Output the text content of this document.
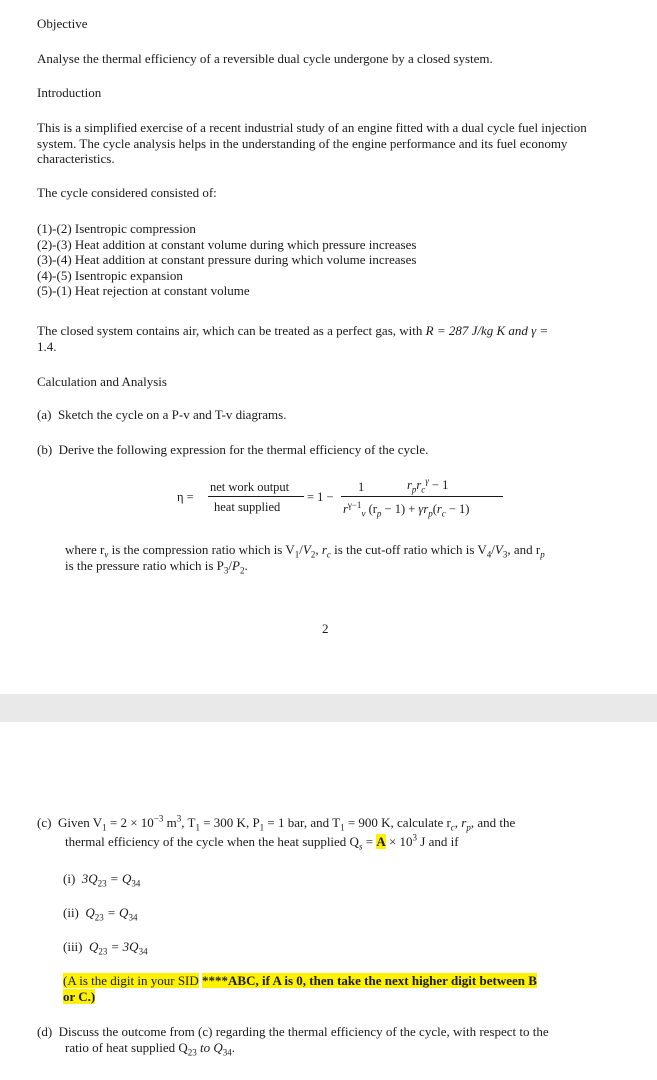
Objective
Analyse the thermal efficiency of a reversible dual cycle undergone by a closed system.
Introduction
This is a simplified exercise of a recent industrial study of an engine fitted with a dual cycle fuel injection system. The cycle analysis helps in the understanding of the engine performance and its fuel economy characteristics.
The cycle considered consisted of:
(1)-(2) Isentropic compression
(2)-(3) Heat addition at constant volume during which pressure increases
(3)-(4) Heat addition at constant pressure during which volume increases
(4)-(5) Isentropic expansion
(5)-(1) Heat rejection at constant volume
The closed system contains air, which can be treated as a perfect gas, with R = 287 J/kg K and γ =
1.4.
Calculation and Analysis
(a) Sketch the cycle on a P-v and T-v diagrams.
(b) Derive the following expression for the thermal efficiency of the cycle.
η =
net work output
heat supplied
= 1 −
1	$r_pr_c^\gamma - 1$
$r^{\gamma-1}_v$ $(r_p - 1) + \gamma r_p(r_c - 1)$
where $r_v$ is the compression ratio which is $V_1/V_2$, $r_c$ is the cut-off ratio which is $V_4/V_3$, and $r_p$
is the pressure ratio which is $P_3/P_2$.
2
(c) Given $V_1 = 2 \times 10^{-3}$ $m^3$, $T_1 = 300$ K, $P_1 = 1$ bar, and $T_1 = 900$ K, calculate $r_c$, $r_p$, and the
thermal efficiency of the cycle when the heat supplied $Q_s = A \times 10^3$ J and if
(i) $3Q_{23} = Q_{34}$
(ii) $Q_{23} = Q_{34}$
(iii) $Q_{23} = 3Q_{34}$
(A is the digit in your SID ****ABC, if A is 0, then take the next higher digit between B
or C.)
(d) Discuss the outcome from (c) regarding the thermal efficiency of the cycle, with respect to the
ratio of heat supplied $Q_{23}$ to $Q_{34}$.
